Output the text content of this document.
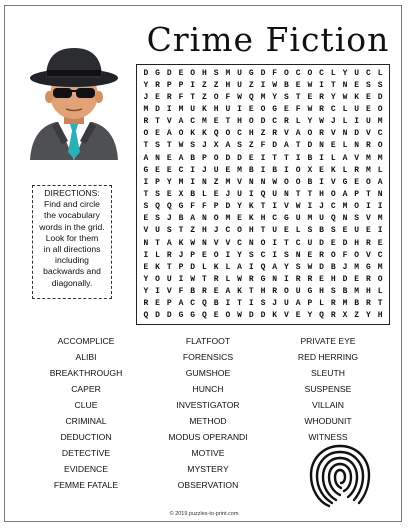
Crime Fiction
DIRECTIONS:
Find and circle
the vocabulary
words in the grid.
Look for them
in all directions
including
backwards and
diagonally.
D G D E O H S M U G D F O C O C L Y U C L
Y R P P I Z Z H U Z I W B E W I T N E S S
J E R F T Z O F W Q M Y S T E R Y W K E D
M D I M U K H U I E O G E F W R C L U E O
R T V A C M E T H O D C R L Y W J L I U M
O E A O K K Q O C H Z R V A O R V N D V C
T S T W S J X A S Z F D A T D N E L N R O
A N E A B P O D D E I T T I B I L A V M M
G E E C I J U E M B I B I O X E K L R M L
I P Y M I N Z M V N N W O O B I V G E O A
T S E X B L E J U I Q U N T T H O A P T N
S Q Q G F F P D Y K T I V W I J C M O I I
E S J B A N O M E K H C G U M U Q N S V M
V U S T Z H J C O H T U E L S B S E U E I
N T A K W N V V C N O I T C U D E D H R E
I L R J P E O I Y S C I S N E R O F O V C
E K T P D L K L A I Q A Y S W D B J M G M
Y O U I W T R L W R G N I R R E H D E R O
Y I V F B R E A K T H R O U G H S B M H L
R E P A C Q B I T I S J U A P L R M B R T
Q D D G G Q E O W D D K V E Y Q R X Z Y H
ACCOMPLICE
ALIBI
BREAKTHROUGH
CAPER
CLUE
CRIMINAL
DEDUCTION
DETECTIVE
EVIDENCE
FEMME FATALE
FLATFOOT
FORENSICS
GUMSHOE
HUNCH
INVESTIGATOR
METHOD
MODUS OPERANDI
MOTIVE
MYSTERY
OBSERVATION
PRIVATE EYE
RED HERRING
SLEUTH
SUSPENSE
VILLAIN
WHODUNIT
WITNESS
© 2019 puzzles-to-print.com
